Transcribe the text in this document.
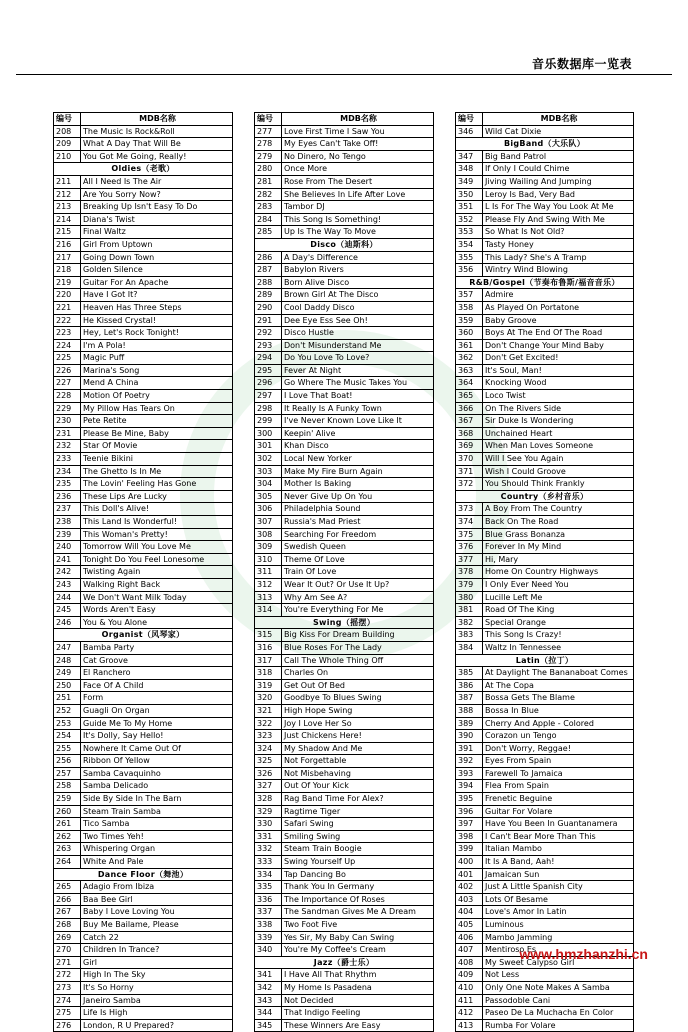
音乐数据库一览表
编号	MDB名称
208	The Music Is Rock&Roll
209	What A Day That Will Be
210	You Got Me Going, Really!
Oldies（老歌）
211	All I Need Is The Air
212	Are You Sorry Now?
213	Breaking Up Isn't Easy To Do
214	Diana's Twist
215	Final Waltz
216	Girl From Uptown
217	Going Down Town
218	Golden Silence
219	Guitar For An Apache
220	Have I Got It?
221	Heaven Has Three Steps
222	He Kissed Crystal!
223	Hey, Let's Rock Tonight!
224	I'm A Pola!
225	Magic Puff
226	Marina's Song
227	Mend A China
228	Motion Of Poetry
229	My Pillow Has Tears On
230	Pete Retite
231	Please Be Mine, Baby
232	Star Of Movie
233	Teenie Bikini
234	The Ghetto Is In Me
235	The Lovin' Feeling Has Gone
236	These Lips Are Lucky
237	This Doll's Alive!
238	This Land Is Wonderful!
239	This Woman's Pretty!
240	Tomorrow Will You Love Me
241	Tonight Do You Feel Lonesome
242	Twisting Again
243	Walking Right Back
244	We Don't Want Milk Today
245	Words Aren't Easy
246	You & You Alone
Organist（风琴家）
247	Bamba Party
248	Cat Groove
249	El Ranchero
250	Face Of A Child
251	Form
252	Guagli On Organ
253	Guide Me To My Home
254	It's Dolly, Say Hello!
255	Nowhere It Came Out Of
256	Ribbon Of Yellow
257	Samba Cavaquinho
258	Samba Delicado
259	Side By Side In The Barn
260	Steam Train Samba
261	Tico Samba
262	Two Times Yeh!
263	Whispering Organ
264	White And Pale
Dance Floor（舞池）
265	Adagio From Ibiza
266	Baa Bee Girl
267	Baby I Love Loving You
268	Buy Me Bailame, Please
269	Catch 22
270	Children In Trance?
271	Girl
272	High In The Sky
273	It's So Horny
274	Janeiro Samba
275	Life Is High
276	London, R U Prepared?
编号	MDB名称
277	Love First Time I Saw You
278	My Eyes Can't Take Off!
279	No Dinero, No Tengo
280	Once More
281	Rose From The Desert
282	She Believes In Life After Love
283	Tambor DJ
284	This Song Is Something!
285	Up Is The Way To Move
Disco（迪斯科）
286	A Day's Difference
287	Babylon Rivers
288	Born Alive Disco
289	Brown Girl At The Disco
290	Cool Daddy Disco
291	Dee Eye Ess See Oh!
292	Disco Hustle
293	Don't Misunderstand Me
294	Do You Love To Love?
295	Fever At Night
296	Go Where The Music Takes You
297	I Love That Boat!
298	It Really Is A Funky Town
299	I've Never Known Love Like It
300	Keepin' Alive
301	Khan Disco
302	Local New Yorker
303	Make My Fire Burn Again
304	Mother Is Baking
305	Never Give Up On You
306	Philadelphia Sound
307	Russia's Mad Priest
308	Searching For Freedom
309	Swedish Queen
310	Theme Of Love
311	Train Of Love
312	Wear It Out? Or Use It Up?
313	Why Am See A?
314	You're Everything For Me
Swing（摇摆）
315	Big Kiss For Dream Building
316	Blue Roses For The Lady
317	Call The Whole Thing Off
318	Charles On
319	Get Out Of Bed
320	Goodbye To Blues Swing
321	High Hope Swing
322	Joy I Love Her So
323	Just Chickens Here!
324	My Shadow And Me
325	Not Forgettable
326	Not Misbehaving
327	Out Of Your Kick
328	Rag Band Time For Alex?
329	Ragtime Tiger
330	Safari Swing
331	Smiling Swing
332	Steam Train Boogie
333	Swing Yourself Up
334	Tap Dancing Bo
335	Thank You In Germany
336	The Importance Of Roses
337	The Sandman Gives Me A Dream
338	Two Foot Five
339	Yes Sir, My Baby Can Swing
340	You're My Coffee's Cream
Jazz（爵士乐）
341	I Have All That Rhythm
342	My Home Is Pasadena
343	Not Decided
344	That Indigo Feeling
345	These Winners Are Easy
编号	MDB名称
346	Wild Cat Dixie
BigBand（大乐队）
347	Big Band Patrol
348	If Only I Could Chime
349	Jiving Wailing And Jumping
350	Leroy Is Bad, Very Bad
351	L Is For The Way You Look At Me
352	Please Fly And Swing With Me
353	So What Is Not Old?
354	Tasty Honey
355	This Lady? She's A Tramp
356	Wintry Wind Blowing
R&B/Gospel（节奏布鲁斯/福音音乐）
357	Admire
358	As Played On Portatone
359	Baby Groove
360	Boys At The End Of The Road
361	Don't Change Your Mind Baby
362	Don't Get Excited!
363	It's Soul, Man!
364	Knocking Wood
365	Loco Twist
366	On The Rivers Side
367	Sir Duke Is Wondering
368	Unchained Heart
369	When Man Loves Someone
370	Will I See You Again
371	Wish I Could Groove
372	You Should Think Frankly
Country（乡村音乐）
373	A Boy From The Country
374	Back On The Road
375	Blue Grass Bonanza
376	Forever In My Mind
377	Hi, Mary
378	Home On Country Highways
379	I Only Ever Need You
380	Lucille Left Me
381	Road Of The King
382	Special Orange
383	This Song Is Crazy!
384	Waltz In Tennessee
Latin（拉丁）
385	At Daylight The Bananaboat Comes
386	At The Copa
387	Bossa Gets The Blame
388	Bossa In Blue
389	Cherry And Apple - Colored
390	Corazon un Tengo
391	Don't Worry, Reggae!
392	Eyes From Spain
393	Farewell To Jamaica
394	Flea From Spain
395	Frenetic Beguine
396	Guitar For Volare
397	Have You Been In Guantanamera
398	I Can't Bear More Than This
399	Italian Mambo
400	It Is A Band, Aah!
401	Jamaican Sun
402	Just A Little Spanish City
403	Lots Of Besame
404	Love's Amor In Latin
405	Luminous
406	Mambo Jamming
407	Mentiroso Es
408	My Sweet Calypso Girl
409	Not Less
410	Only One Note Makes A Samba
411	Passodoble Cani
412	Paseo De La Muchacha En Color
413	Rumba For Volare
www.hmzhanzhi.cn
